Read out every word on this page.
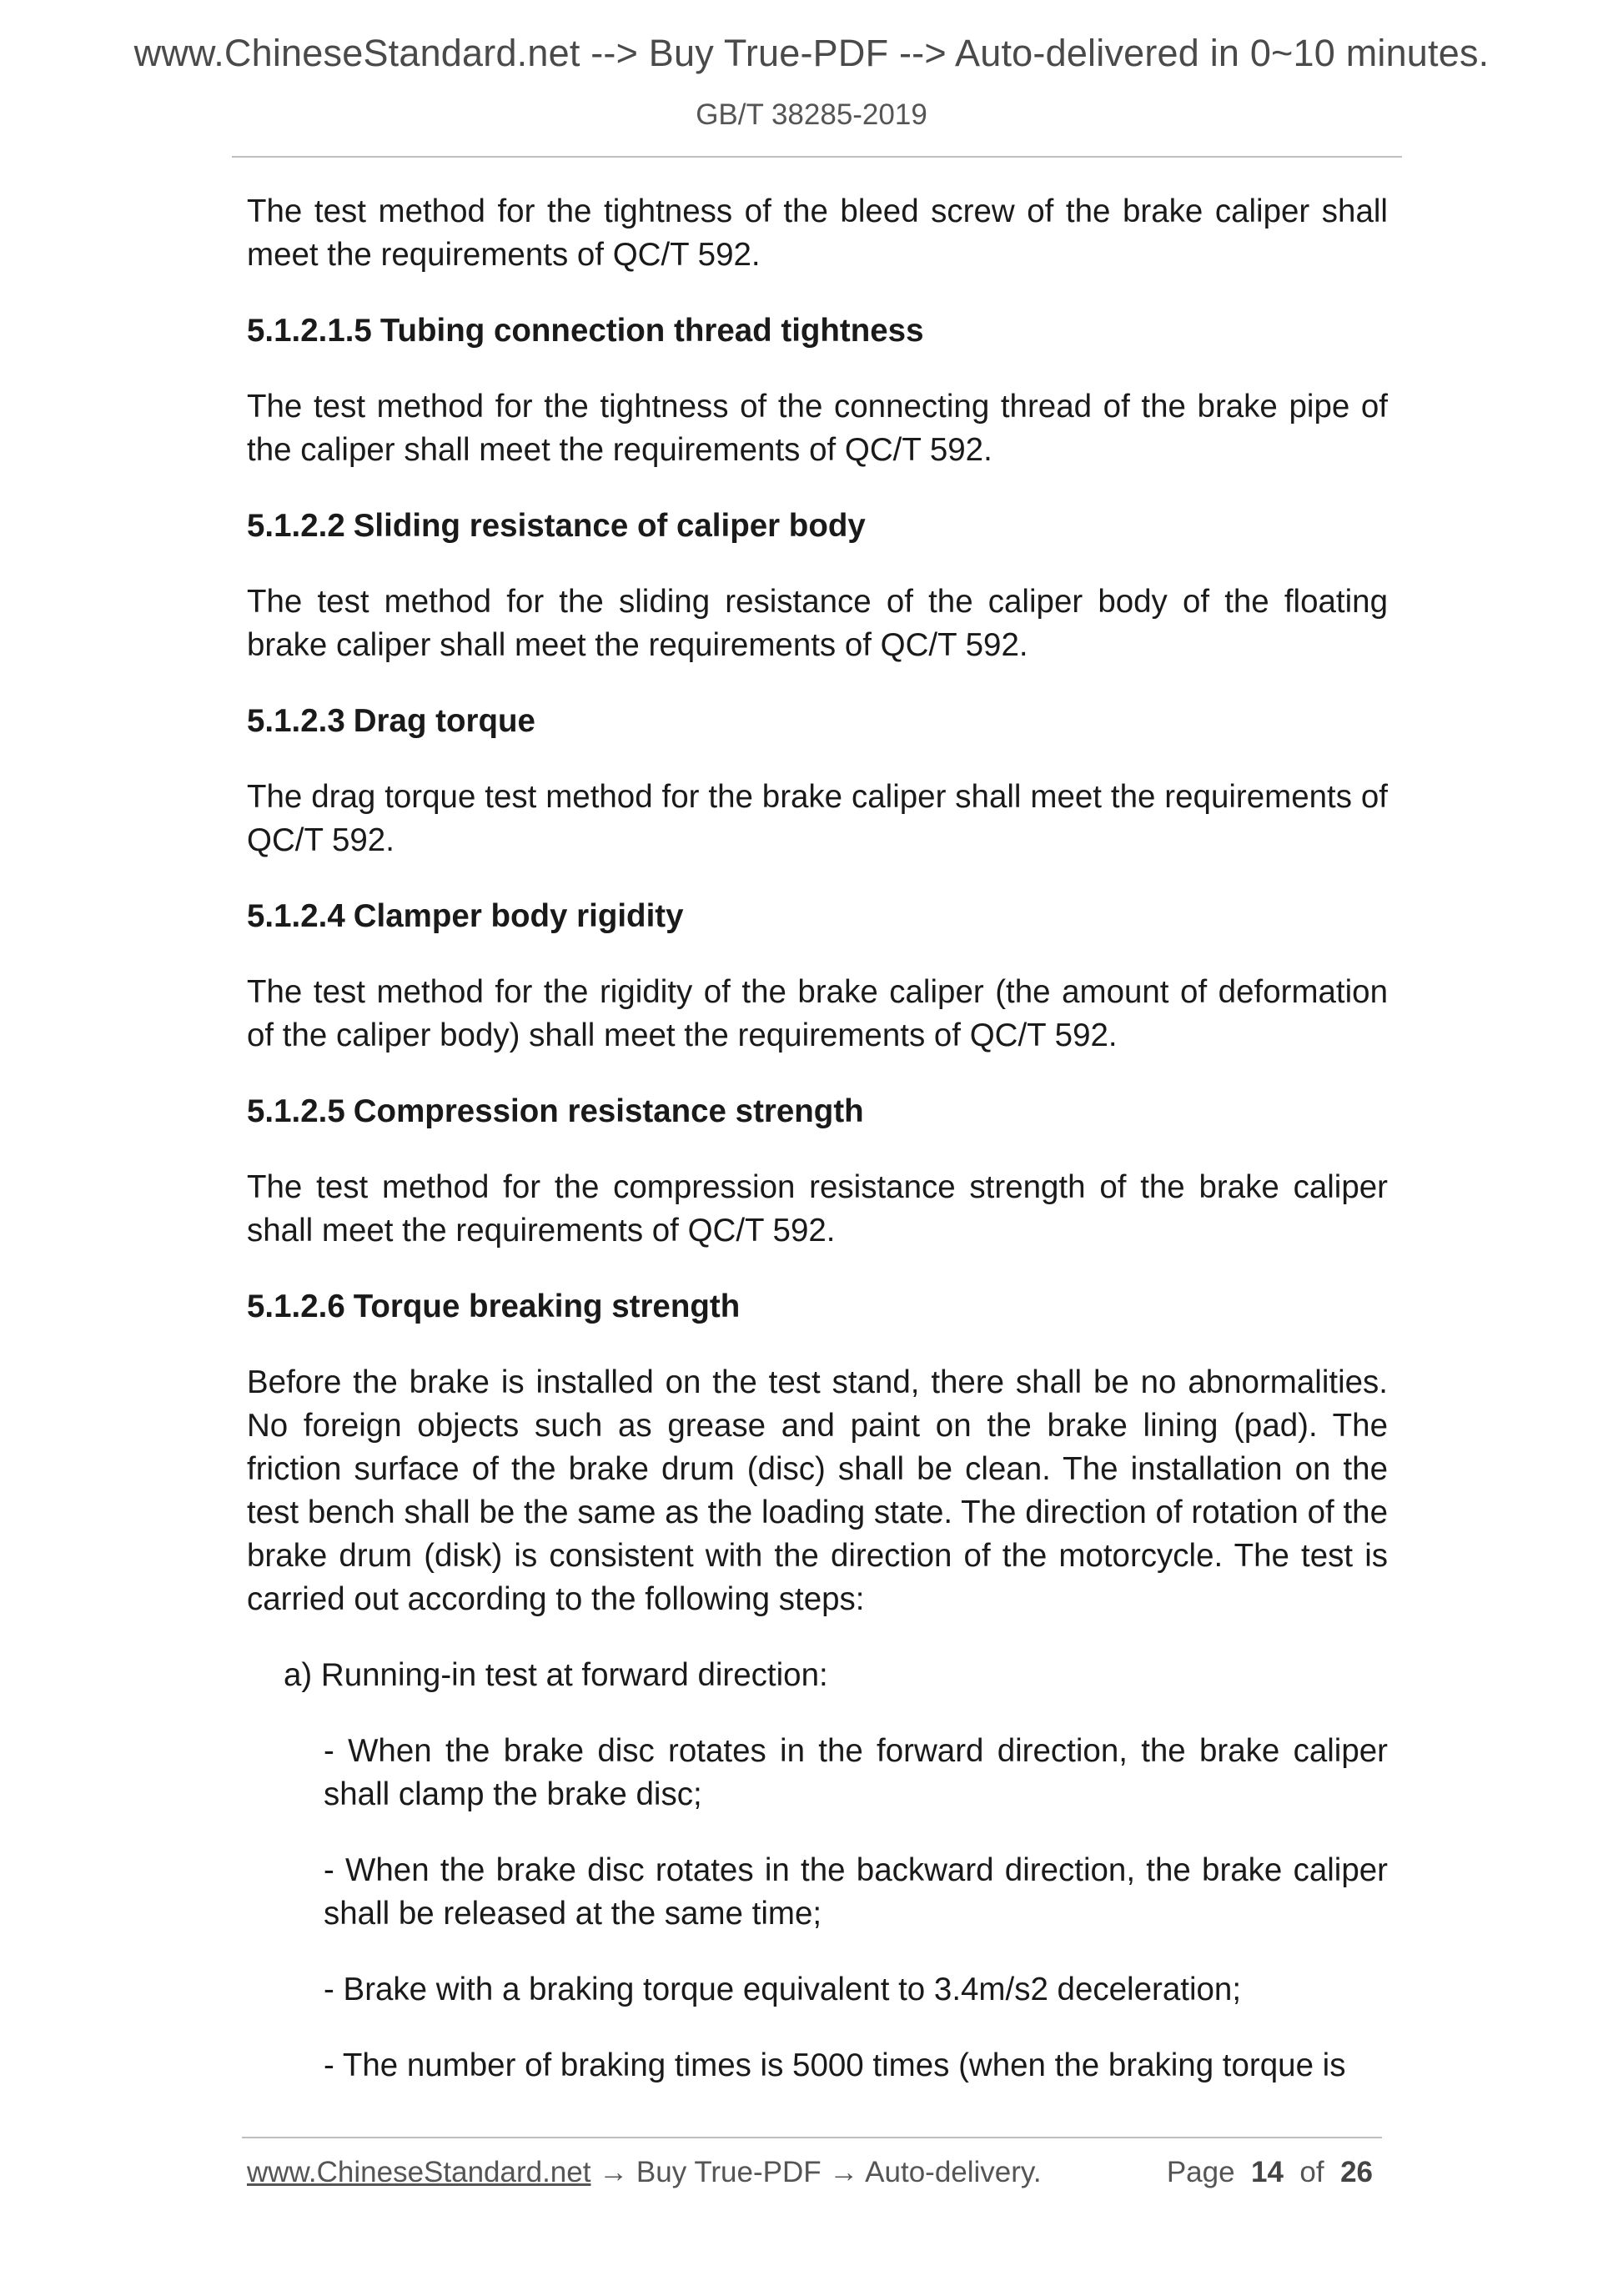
www.ChineseStandard.net --> Buy True-PDF --> Auto-delivered in 0~10 minutes.
GB/T 38285-2019

The test method for the tightness of the bleed screw of the brake caliper shall meet the requirements of QC/T 592.

5.1.2.1.5 Tubing connection thread tightness

The test method for the tightness of the connecting thread of the brake pipe of the caliper shall meet the requirements of QC/T 592.

5.1.2.2 Sliding resistance of caliper body

The test method for the sliding resistance of the caliper body of the floating brake caliper shall meet the requirements of QC/T 592.

5.1.2.3 Drag torque

The drag torque test method for the brake caliper shall meet the requirements of QC/T 592.

5.1.2.4 Clamper body rigidity

The test method for the rigidity of the brake caliper (the amount of deformation of the caliper body) shall meet the requirements of QC/T 592.

5.1.2.5 Compression resistance strength

The test method for the compression resistance strength of the brake caliper shall meet the requirements of QC/T 592.

5.1.2.6 Torque breaking strength

Before the brake is installed on the test stand, there shall be no abnormalities. No foreign objects such as grease and paint on the brake lining (pad). The friction surface of the brake drum (disc) shall be clean. The installation on the test bench shall be the same as the loading state. The direction of rotation of the brake drum (disk) is consistent with the direction of the motorcycle. The test is carried out according to the following steps:

a) Running-in test at forward direction:

- When the brake disc rotates in the forward direction, the brake caliper shall clamp the brake disc;

- When the brake disc rotates in the backward direction, the brake caliper shall be released at the same time;

- Brake with a braking torque equivalent to 3.4m/s2 deceleration;

- The number of braking times is 5000 times (when the braking torque is

www.ChineseStandard.net → Buy True-PDF → Auto-delivery.	Page 14 of 26
